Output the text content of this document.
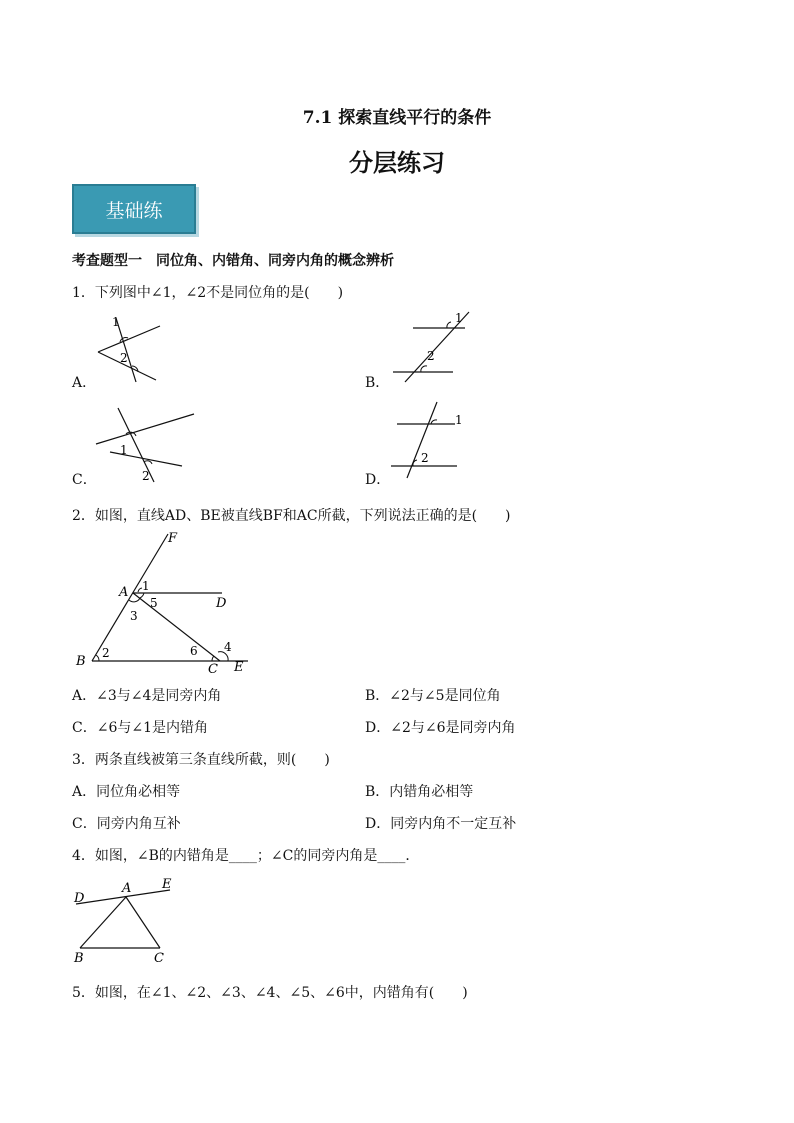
7.1 探索直线平行的条件
分层练习
基础练
考查题型一　同位角、内错角、同旁内角的概念辨析
1．下列图中∠1，∠2不是同位角的是(　　)
A．	B．
C．	D．
1
2
1
2
1
2
1
2
2．如图，直线AD、BE被直线BF和AC所截，下列说法正确的是(　　)
F
A
D
B
C E
1
5
3
2	6 4
A．∠3与∠4是同旁内角	B．∠2与∠5是同位角
C．∠6与∠1是内错角	D．∠2与∠6是同旁内角
3．两条直线被第三条直线所截，则(　　)
A．同位角必相等	B．内错角必相等
C．同旁内角互补	D．同旁内角不一定互补
4．如图，∠B的内错角是____；∠C的同旁内角是____．
D
A E
B	C
5．如图，在∠1、∠2、∠3、∠4、∠5、∠6中，内错角有(　　)
